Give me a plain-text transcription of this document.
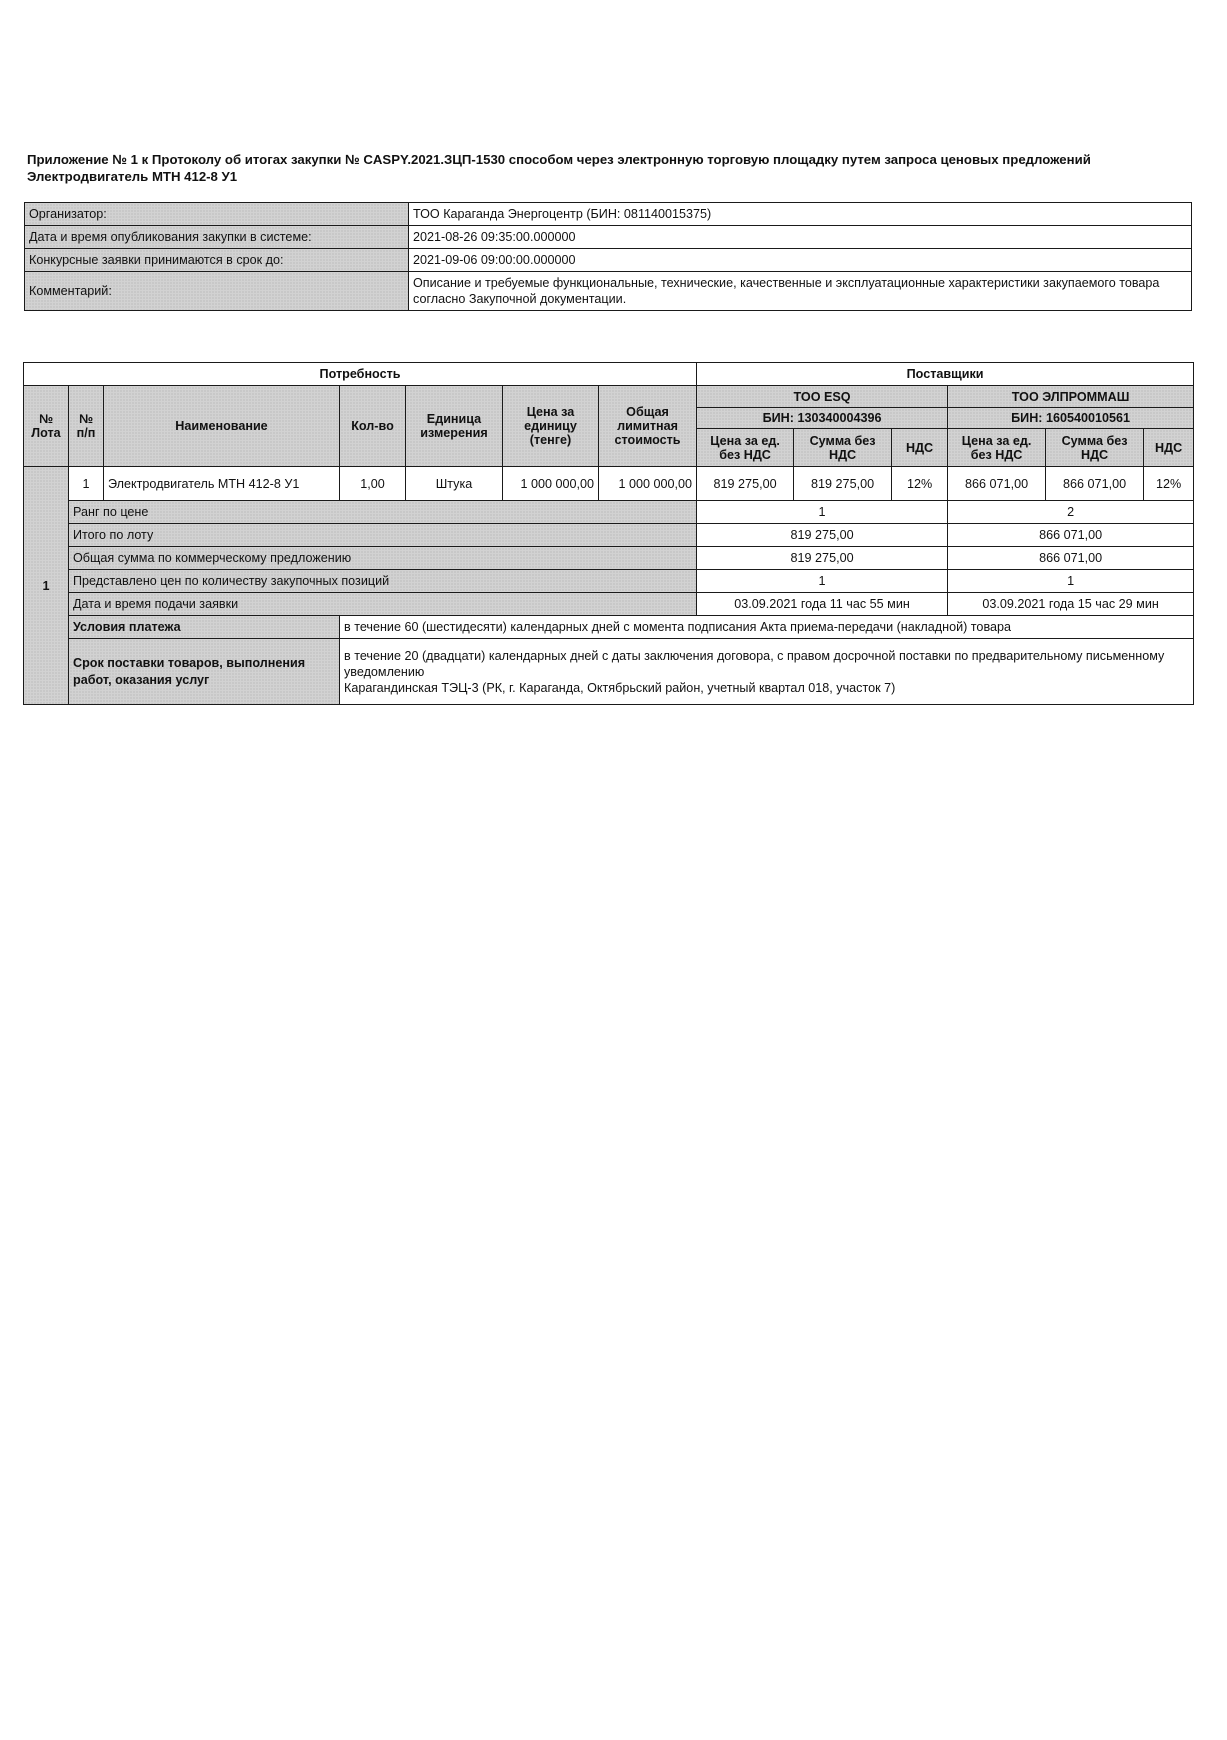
Приложение № 1 к Протоколу об итогах закупки № CASPY.2021.ЗЦП-1530 способом через электронную торговую площадку путем запроса ценовых предложений
Электродвигатель МТН 412-8 У1
Организатор:	ТОО Караганда Энергоцентр (БИН: 081140015375)
Дата и время опубликования закупки в системе:	2021-08-26 09:35:00.000000
Конкурсные заявки принимаются в срок до:	2021-09-06 09:00:00.000000
Комментарий:	Описание и требуемые функциональные, технические, качественные и эксплуатационные характеристики закупаемого товара согласно Закупочной документации.
Потребность							Поставщики					
№ Лота	№ п/п	Наименование	Кол-во	Единица измерения	Цена за единицу (тенге)	Общая лимитная стоимость	ТОО ESQ			ТОО ЭЛПРОММАШ		
							БИН: 130340004396			БИН: 160540010561		
							Цена за ед. без НДС	Сумма без НДС	НДС	Цена за ед. без НДС	Сумма без НДС	НДС
1	1	Электродвигатель МТН 412-8 У1	1,00	Штука	1 000 000,00	1 000 000,00	819 275,00	819 275,00	12%	866 071,00	866 071,00	12%
	Ранг по цене						1			2		
	Итого по лоту						819 275,00			866 071,00		
	Общая сумма по коммерческому предложению						819 275,00			866 071,00		
	Представлено цен по количеству закупочных позиций						1			1		
	Дата и время подачи заявки						03.09.2021 года 11 час 55 мин			03.09.2021 года 15 час 29 мин		
	Условия платежа		в течение 60 (шестидесяти) календарных дней с момента подписания Акта приема-передачи (накладной) товара									
	Срок поставки товаров, выполнения работ, оказания услуг		в течение 20 (двадцати) календарных дней с даты заключения договора, с правом досрочной поставки по предварительному письменному уведомлению
Карагандинская ТЭЦ-3 (РК, г. Караганда, Октябрьский район, учетный квартал 018, участок 7)									
